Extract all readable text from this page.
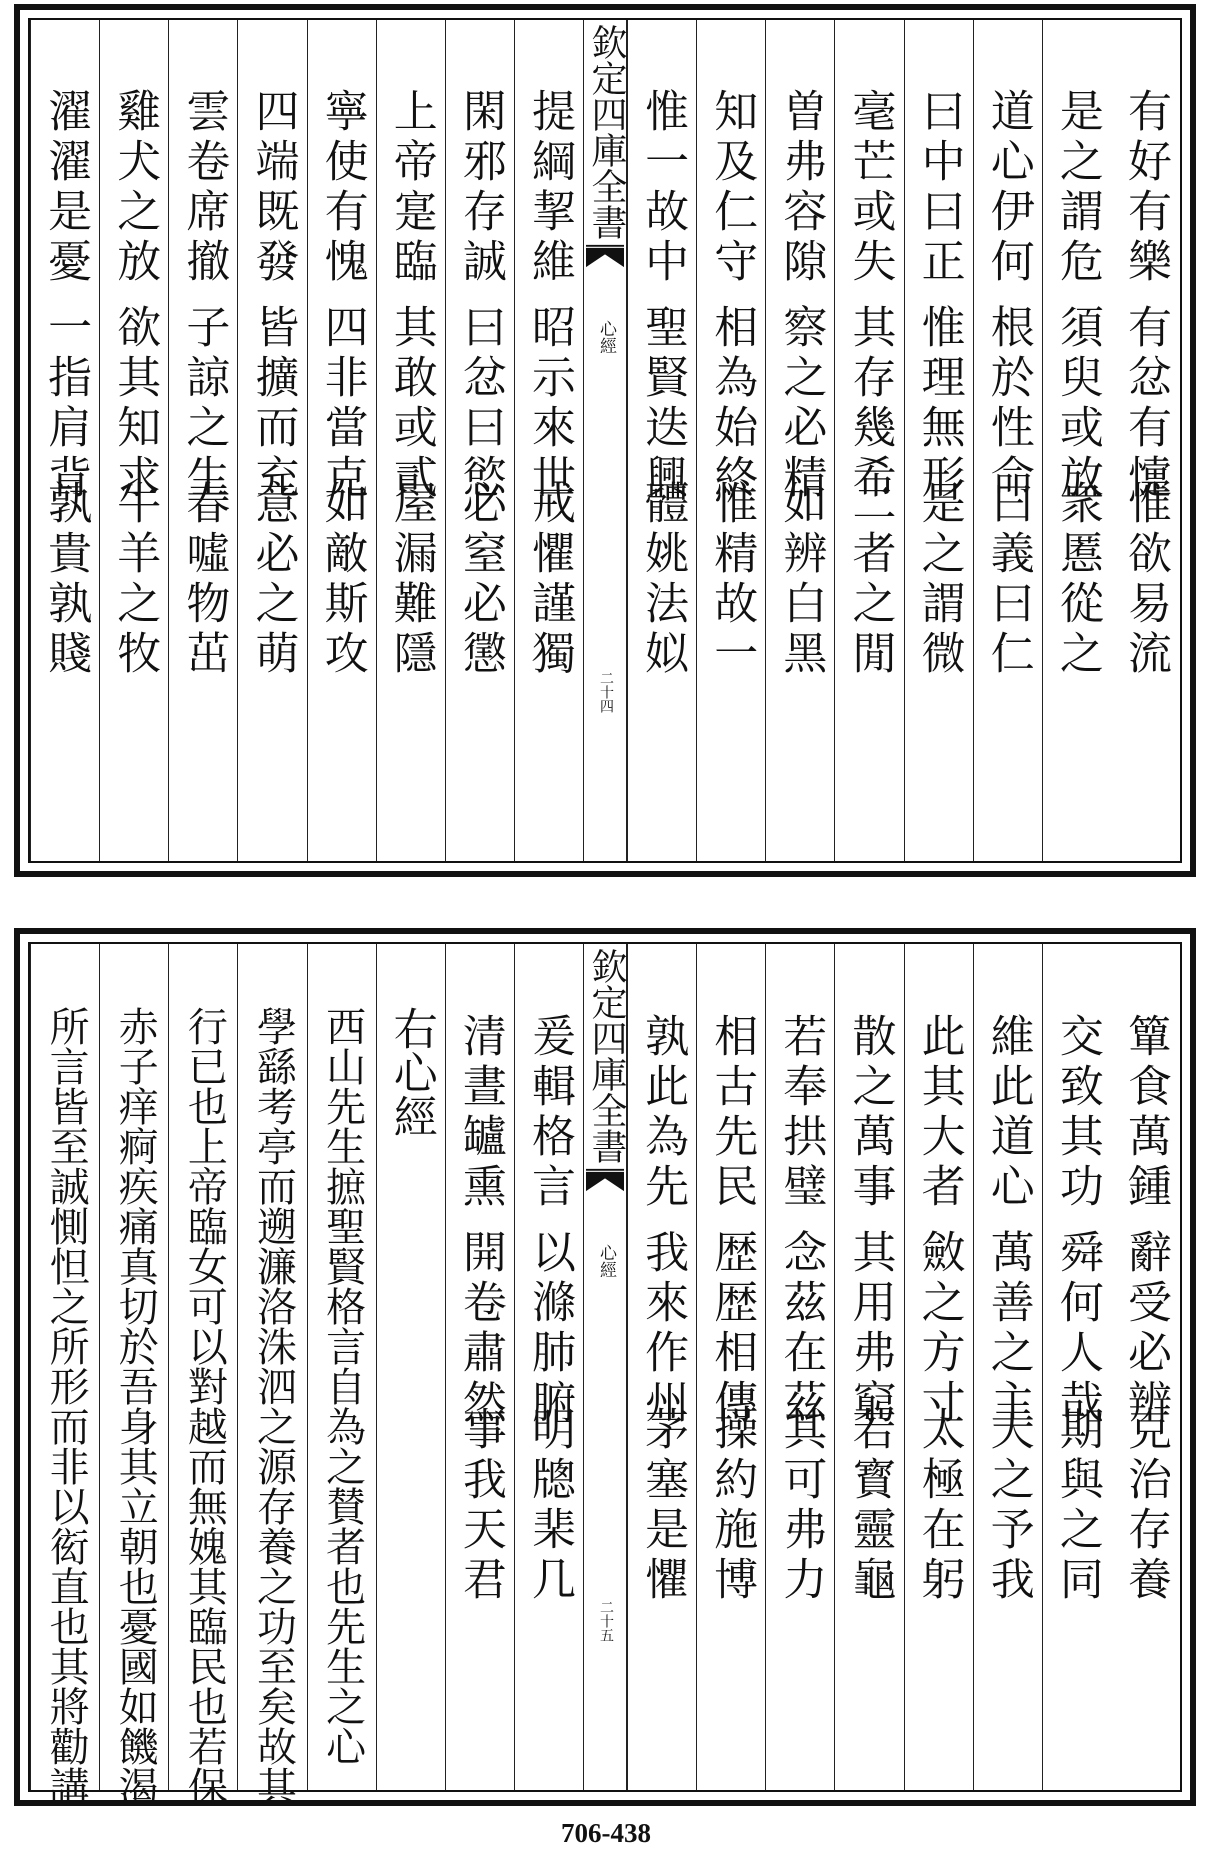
有好有樂
有忿有懥
惟欲易流
是之謂危
須臾或放
衆慝從之
道心伊何
根於性命
曰義曰仁
曰中曰正
惟理無形
是之謂微
毫芒或失
其存幾希
二者之閒
曽弗容隙
察之必精
如辨白黑
知及仁守
相為始終
惟精故一
惟一故中
聖賢迭興
體姚法姒
欽定四庫全書
心經
二十四
提綱挈維
昭示來世
戒懼謹獨
閑邪存誠
曰忿曰慾
必窒必懲
上帝寔臨
其敢或貳
屋漏難隱
寧使有愧
四非當克
如敵斯攻
四端既發
皆擴而充
意必之萌
雲卷席撤
子諒之生
春噓物茁
雞犬之放
欲其知求
牛羊之牧
濯濯是憂
一指肩背
孰貴孰賤
簞食萬鍾
辭受必辨
克治存養
交致其功
舜何人哉
期與之同
維此道心
萬善之主
天之予我
此其大者
斂之方寸
太極在躬
散之萬事
其用弗窮
若寳靈龜
若奉拱璧
念茲在茲
其可弗力
相古先民
歴歴相傳
操約施博
孰此為先
我來作州
茅塞是懼
欽定四庫全書
心經
二十五
爰輯格言
以滌肺腑
明牕棐几
清晝罏熏
開卷肅然
事我天君
右心經
西山先生摭聖賢格言自為之賛者也先生之心
學繇考亭而遡濂洛洙泗之源存養之功至矣故其
行已也上帝臨女可以對越而無媿其臨民也若保
赤子痒痾疾痛真切於吾身其立朝也憂國如饑渴
所言皆至誠惻怛之所形而非以衒直也其將勸講
706-438
